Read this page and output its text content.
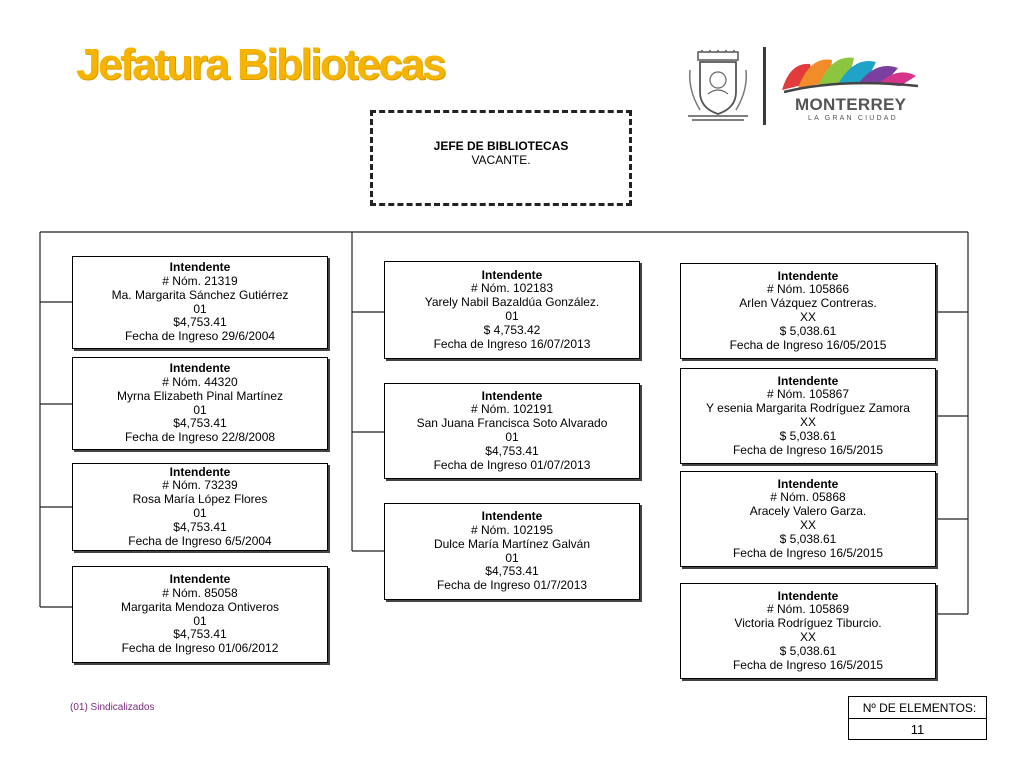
Jefatura Bibliotecas
MONTERREY
LA GRAN CIUDAD
JEFE DE BIBLIOTECAS
VACANTE.
Intendente
# Nóm. 21319
Ma. Margarita Sánchez Gutiérrez
01
$4,753.41
Fecha de Ingreso 29/6/2004
Intendente
# Nóm. 44320
Myrna Elizabeth Pinal Martínez
01
$4,753.41
Fecha de Ingreso 22/8/2008
Intendente
# Nóm. 73239
Rosa María López Flores
01
$4,753.41
Fecha de Ingreso 6/5/2004
Intendente
# Nóm. 85058
Margarita Mendoza Ontiveros
01
$4,753.41
Fecha de Ingreso 01/06/2012
Intendente
# Nóm. 102183
Yarely Nabil Bazaldúa González.
01
$ 4,753.42
Fecha de Ingreso 16/07/2013
Intendente
# Nóm. 102191
San Juana Francisca Soto Alvarado
01
$4,753.41
Fecha de Ingreso 01/07/2013
Intendente
# Nóm. 102195
Dulce María Martínez Galván
01
$4,753.41
Fecha de Ingreso 01/7/2013
Intendente
# Nóm. 105866
Arlen Vázquez Contreras.
XX
$ 5,038.61
Fecha de Ingreso 16/05/2015
Intendente
# Nóm. 105867
Y esenia Margarita Rodríguez Zamora
XX
$ 5,038.61
Fecha de Ingreso 16/5/2015
Intendente
# Nóm. 05868
Aracely Valero Garza.
XX
$ 5,038.61
Fecha de Ingreso 16/5/2015
Intendente
# Nóm. 105869
Victoria Rodríguez Tiburcio.
XX
$ 5,038.61
Fecha de Ingreso 16/5/2015
(01) Sindicalizados	Nº DE ELEMENTOS:
11
